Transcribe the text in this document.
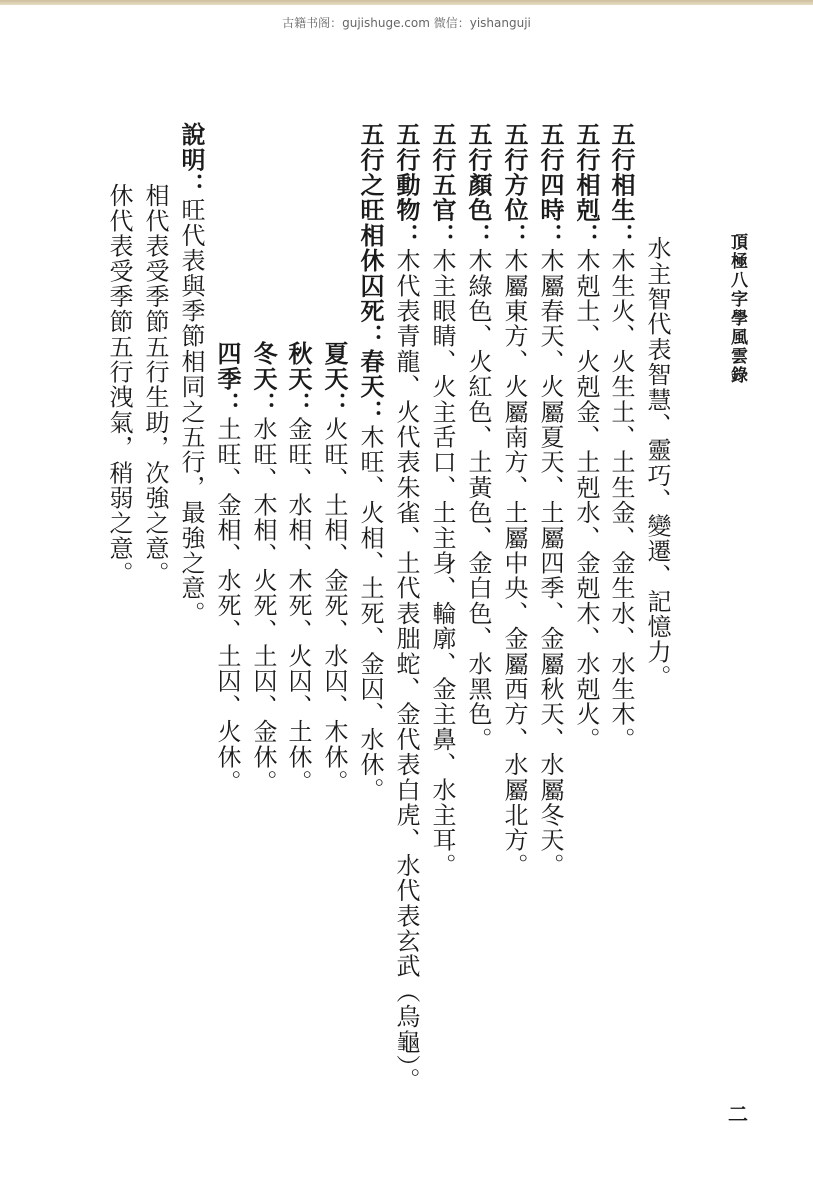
古籍书阁：gujishuge.com 微信：yishanguji
頂極八字學風雲錄
水主智代表智慧、靈巧、變遷、記憶力。
五行相生：木生火、火生土、土生金、金生水、水生木。
五行相剋：木剋土、火剋金、土剋水、金剋木、水剋火。
五行四時：木屬春天、火屬夏天、土屬四季、金屬秋天、水屬冬天。
五行方位：木屬東方、火屬南方、土屬中央、金屬西方、水屬北方。
五行顏色：木綠色、火紅色、土黃色、金白色、水黑色。
五行五官：木主眼睛、火主舌口、土主身、輪廓、金主鼻、水主耳。
五行動物：木代表青龍、火代表朱雀、土代表朏蛇、金代表白虎、水代表玄武（烏龜）。
五行之旺相休囚死：春天：木旺、火相、土死、金囚、水休。
夏天：火旺、土相、金死、水囚、木休。
秋天：金旺、水相、木死、火囚、土休。
冬天：水旺、木相、火死、土囚、金休。
四季：土旺、金相、水死、土囚、火休。
說明：旺代表與季節相同之五行，最強之意。
相代表受季節五行生助，次強之意。
休代表受季節五行洩氣，稍弱之意。
二
